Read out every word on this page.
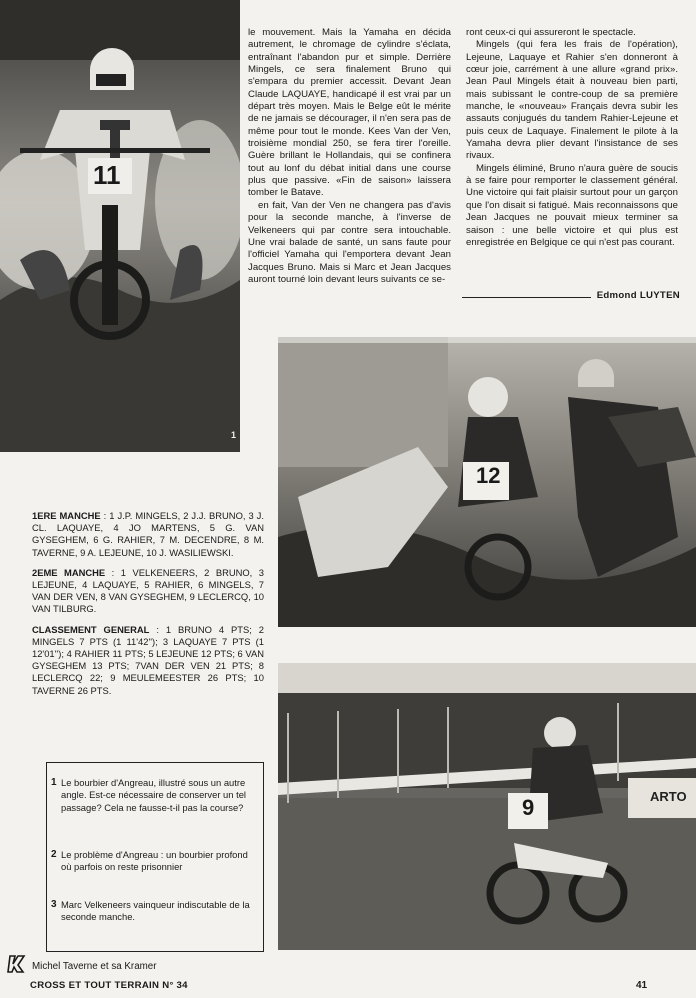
11
1

le mouvement. Mais la Yamaha en décida autrement, le chromage de cylindre s'éclata, entraînant l'abandon pur et simple. Derrière Mingels, ce sera finalement Bruno qui s'empara du premier accessit. Devant Jean Claude LAQUAYE, handicapé il est vrai par un départ très moyen. Mais le Belge eût le mérite de ne jamais se décourager, il n'en sera pas de même pour tout le monde. Kees Van der Ven, troisième mondial 250, se fera tirer l'oreille. Guère brillant le Hollandais, qui se confinera tout au lonf du débat initial dans une course plus que passive. «Fin de saison» laissera tomber le Batave.

en fait, Van der Ven ne changera pas d'avis pour la seconde manche, à l'inverse de Velkeneers qui par contre sera intouchable. Une vrai balade de santé, un sans faute pour l'officiel Yamaha qui l'emportera devant Jean Jacques Bruno. Mais si Marc et Jean Jacques auront tourné loin devant leurs suivants ce se-

ront ceux-ci qui assureront le spectacle.

Mingels (qui fera les frais de l'opération), Lejeune, Laquaye et Rahier s'en donneront à cœur joie, carrément à une allure «grand prix». Jean Paul Mingels était à nouveau bien parti, mais subissant le contre-coup de sa première manche, le «nouveau» Français devra subir les assauts conjugués du tandem Rahier-Lejeune et puis ceux de Laquaye. Finalement le pilote à la Yamaha devra plier devant l'insistance de ses rivaux.

Mingels éliminé, Bruno n'aura guère de soucis à se faire pour remporter le classement général. Une victoire qui fait plaisir surtout pour un garçon que l'on disait si fatigué. Mais reconnaissons que Jean Jacques ne pouvait mieux terminer sa saison : une belle victoire et qui plus est enregistrée en Belgique ce qui n'est pas courant.

Edmond LUYTEN
12

1ERE MANCHE : 1 J.P. MINGELS, 2 J.J. BRUNO, 3 J. CL. LAQUAYE, 4 JO MARTENS, 5 G. VAN GYSEGHEM, 6 G. RAHIER, 7 M. DECENDRE, 8 M. TAVERNE, 9 A. LEJEUNE, 10 J. WASILIEWSKI.

2EME MANCHE : 1 VELKENEERS, 2 BRUNO, 3 LEJEUNE, 4 LAQUAYE, 5 RAHIER, 6 MINGELS, 7 VAN DER VEN, 8 VAN GYSEGHEM, 9 LECLERCQ, 10 VAN TILBURG.

CLASSEMENT GENERAL : 1 BRUNO 4 PTS; 2 MINGELS 7 PTS (1 11'42''); 3 LAQUAYE 7 PTS (1 12'01''); 4 RAHIER 11 PTS; 5 LEJEUNE 12 PTS; 6 VAN GYSEGHEM 13 PTS; 7VAN DER VEN 21 PTS; 8 LECLERCQ 22; 9 MEULEMEESTER 26 PTS; 10 TAVERNE 26 PTS.

9	ARTO
1 Le bourbier d'Angreau, illustré sous un autre angle. Est-ce nécessaire de conserver un tel passage? Cela ne fausse-t-il pas la course?
2 Le problème d'Angreau : un bourbier profond où parfois on reste prisonnier
3 Marc Velkeneers vainqueur indiscutable de la seconde manche.
Michel Taverne et sa Kramer
CROSS ET TOUT TERRAIN N° 34	41
